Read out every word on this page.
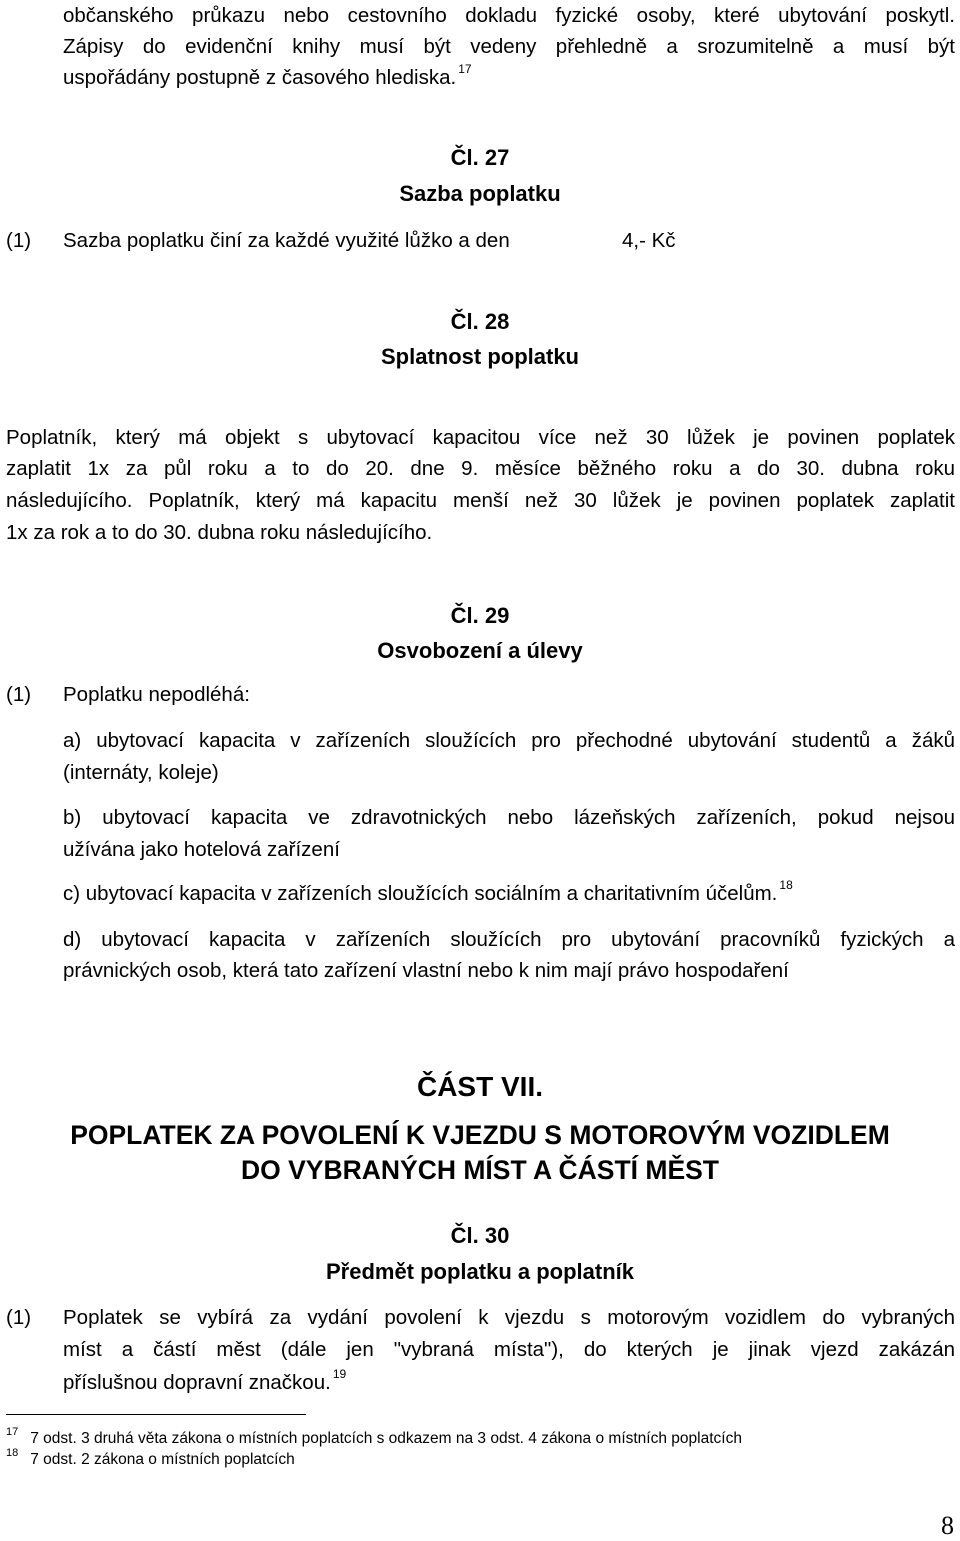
občanského průkazu nebo cestovního dokladu fyzické osoby, které ubytování poskytl.
Zápisy do evidenční knihy musí být vedeny přehledně a srozumitelně a musí být
uspořádány postupně z časového hlediska. $^{17}$
Čl. 27
Sazba poplatku
(1) Sazba poplatku činí za každé využité lůžko a den	4,- Kč
Čl. 28
Splatnost poplatku
Poplatník, který má objekt s ubytovací kapacitou více než 30 lůžek je povinen poplatek
zaplatit 1x za půl roku a to do 20. dne 9. měsíce běžného roku a do 30. dubna roku
následujícího. Poplatník, který má kapacitu menší než 30 lůžek je povinen poplatek zaplatit
1x za rok a to do 30. dubna roku následujícího.
Čl. 29
Osvobození a úlevy
(1) Poplatku nepodléhá:
a) ubytovací kapacita v zařízeních sloužících pro přechodné ubytování studentů a žáků
(internáty, koleje)
b) ubytovací kapacita ve zdravotnických nebo lázeňských zařízeních, pokud nejsou
užívána jako hotelová zařízení
c) ubytovací kapacita v zařízeních sloužících sociálním a charitativním účelům. $^{18}$
d) ubytovací kapacita v zařízeních sloužících pro ubytování pracovníků fyzických a
právnických osob, která tato zařízení vlastní nebo k nim mají právo hospodaření
ČÁST VII.
POPLATEK ZA POVOLENÍ K VJEZDU S MOTOROVÝM VOZIDLEM
DO VYBRANÝCH MÍST A ČÁSTÍ MĚST
Čl. 30
Předmět poplatku a poplatník
(1) Poplatek se vybírá za vydání povolení k vjezdu s motorovým vozidlem do vybraných
míst a částí měst (dále jen "vybraná místa"), do kterých je jinak vjezd zakázán
příslušnou dopravní značkou. $^{19}$
$^{17}$ 7 odst. 3 druhá věta zákona o místních poplatcích s odkazem na 3 odst. 4 zákona o místních poplatcích
$^{18}$ 7 odst. 2 zákona o místních poplatcích
8
